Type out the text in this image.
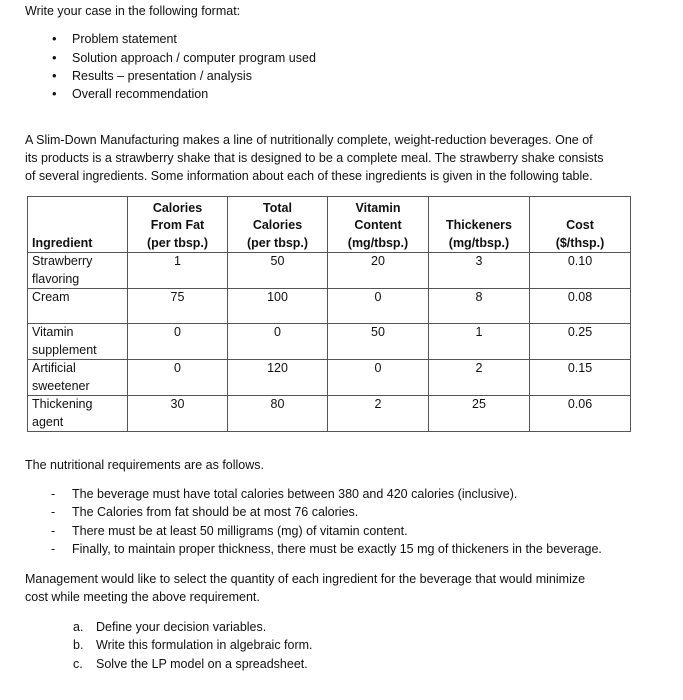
Write your case in the following format:
• Problem statement
• Solution approach / computer program used
• Results – presentation / analysis
• Overall recommendation
A Slim-Down Manufacturing makes a line of nutritionally complete, weight-reduction beverages. One of
its products is a strawberry shake that is designed to be a complete meal. The strawberry shake consists
of several ingredients. Some information about each of these ingredients is given in the following table.
Ingredient	Calories
From Fat
(per tbsp.)	Total
Calories
(per tbsp.)	Vitamin
Content
(mg/tbsp.)	Thickeners
(mg/tbsp.)	Cost
($/thsp.)

Strawberry
flavoring	1	50	20	3	0.10

Cream	75	100	0	8	0.08

Vitamin
supplement	0	0	50	1	0.25

Artificial
sweetener	0	120	0	2	0.15

Thickening
agent	30	80	2	25	0.06
The nutritional requirements are as follows.
- The beverage must have total calories between 380 and 420 calories (inclusive).
- The Calories from fat should be at most 76 calories.
- There must be at least 50 milligrams (mg) of vitamin content.
- Finally, to maintain proper thickness, there must be exactly 15 mg of thickeners in the beverage.
Management would like to select the quantity of each ingredient for the beverage that would minimize
cost while meeting the above requirement.
a. Define your decision variables.
b. Write this formulation in algebraic form.
c. Solve the LP model on a spreadsheet.
